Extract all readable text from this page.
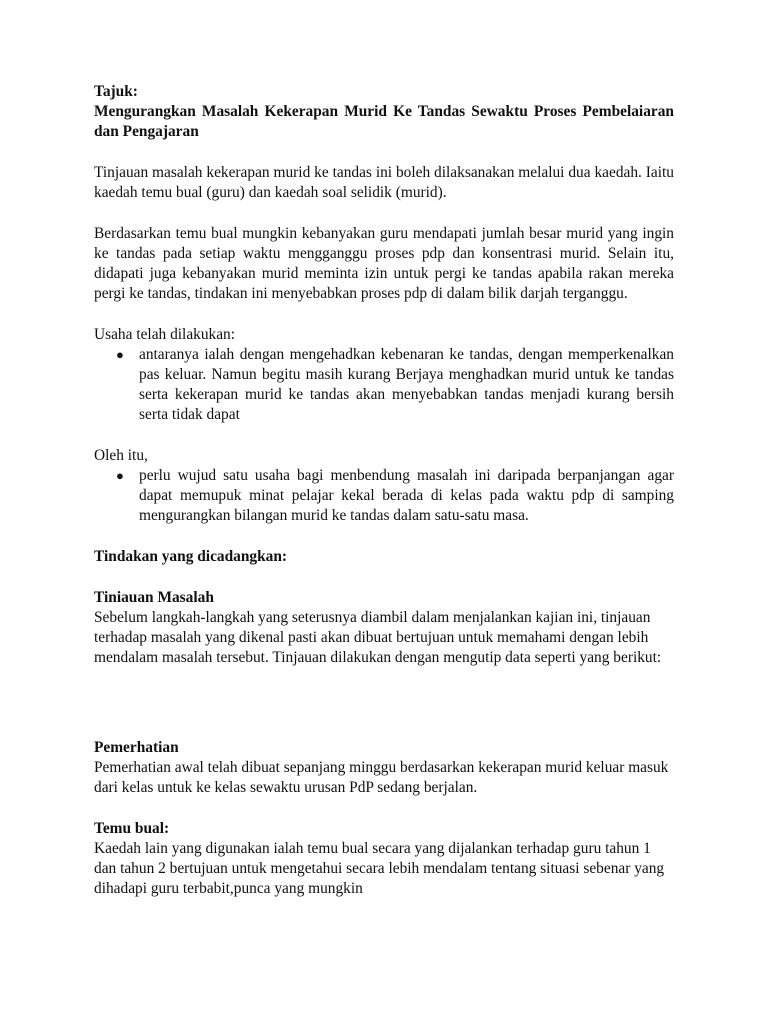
Tajuk:

Mengurangkan Masalah Kekerapan Murid Ke Tandas Sewaktu Proses Pembelaiaran dan Pengajaran

Tinjauan masalah kekerapan murid ke tandas ini boleh dilaksanakan melalui dua kaedah. Iaitu kaedah temu bual (guru) dan kaedah soal selidik (murid).

Berdasarkan temu bual mungkin kebanyakan guru mendapati jumlah besar murid yang ingin ke tandas pada setiap waktu mengganggu proses pdp dan konsentrasi murid. Selain itu, didapati juga kebanyakan murid meminta izin untuk pergi ke tandas apabila rakan mereka pergi ke tandas, tindakan ini menyebabkan proses pdp di dalam bilik darjah terganggu.

Usaha telah dilakukan:

● antaranya ialah dengan mengehadkan kebenaran ke tandas, dengan memperkenalkan pas keluar. Namun begitu masih kurang Berjaya menghadkan murid untuk ke tandas serta kekerapan murid ke tandas akan menyebabkan tandas menjadi kurang bersih serta tidak dapat

Oleh itu,

● perlu wujud satu usaha bagi menbendung masalah ini daripada berpanjangan agar dapat memupuk minat pelajar kekal berada di kelas pada waktu pdp di samping mengurangkan bilangan murid ke tandas dalam satu-satu masa.

Tindakan yang dicadangkan:

Tiniauan Masalah

Sebelum langkah-langkah yang seterusnya diambil dalam menjalankan kajian ini, tinjauan terhadap masalah yang dikenal pasti akan dibuat bertujuan untuk memahami dengan lebih mendalam masalah tersebut. Tinjauan dilakukan dengan mengutip data seperti yang berikut:

Pemerhatian

Pemerhatian awal telah dibuat sepanjang minggu berdasarkan kekerapan murid keluar masuk dari kelas untuk ke kelas sewaktu urusan PdP sedang berjalan.

Temu bual:

Kaedah lain yang digunakan ialah temu bual secara yang dijalankan terhadap guru tahun 1 dan tahun 2 bertujuan untuk mengetahui secara lebih mendalam tentang situasi sebenar yang dihadapi guru terbabit,punca yang mungkin
